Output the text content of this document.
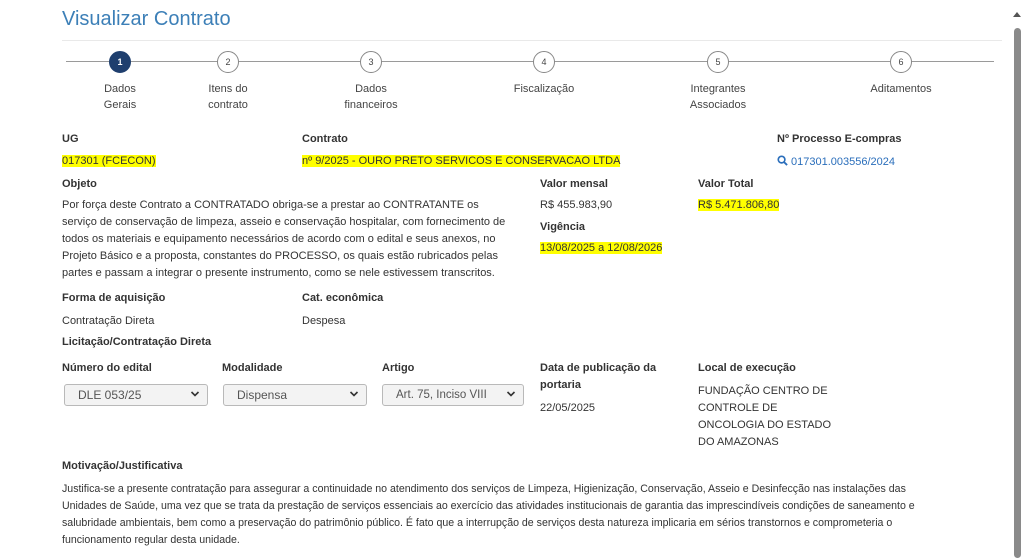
Visualizar Contrato
1
Dados
Gerais
2
Itens do
contrato
3
Dados
financeiros
4
Fiscalização
5
Integrantes
Associados
6
Aditamentos
UG
017301 (FCECON)
Contrato
nº 9/2025 - OURO PRETO SERVICOS E CONSERVACAO LTDA
Nº Processo E-compras
017301.003556/2024
Objeto
Por força deste Contrato a CONTRATADO obriga-se a prestar ao CONTRATANTE os
serviço de conservação de limpeza, asseio e conservação hospitalar, com fornecimento de
todos os materiais e equipamento necessários de acordo com o edital e seus anexos, no
Projeto Básico e a proposta, constantes do PROCESSO, os quais estão rubricados pelas
partes e passam a integrar o presente instrumento, como se nele estivessem transcritos.
Valor mensal
R$ 455.983,90
Valor Total
R$ 5.471.806,80
Vigência
13/08/2025 a 12/08/2026
Forma de aquisição
Contratação Direta
Cat. econômica
Despesa
Licitação/Contratação Direta
Número do edital
DLE 053/25
Modalidade
Dispensa
Artigo
Art. 75, Inciso VIII
Data de publicação da
portaria
22/05/2025
Local de execução
FUNDAÇÃO CENTRO DE
CONTROLE DE
ONCOLOGIA DO ESTADO
DO AMAZONAS
Motivação/Justificativa
Justifica-se a presente contratação para assegurar a continuidade no atendimento dos serviços de Limpeza, Higienização, Conservação, Asseio e Desinfecção nas instalações das
Unidades de Saúde, uma vez que se trata da prestação de serviços essenciais ao exercício das atividades institucionais de garantia das imprescindíveis condições de saneamento e
salubridade ambientais, bem como a preservação do patrimônio público. É fato que a interrupção de serviços desta natureza implicaria em sérios transtornos e comprometeria o
funcionamento regular desta unidade.
